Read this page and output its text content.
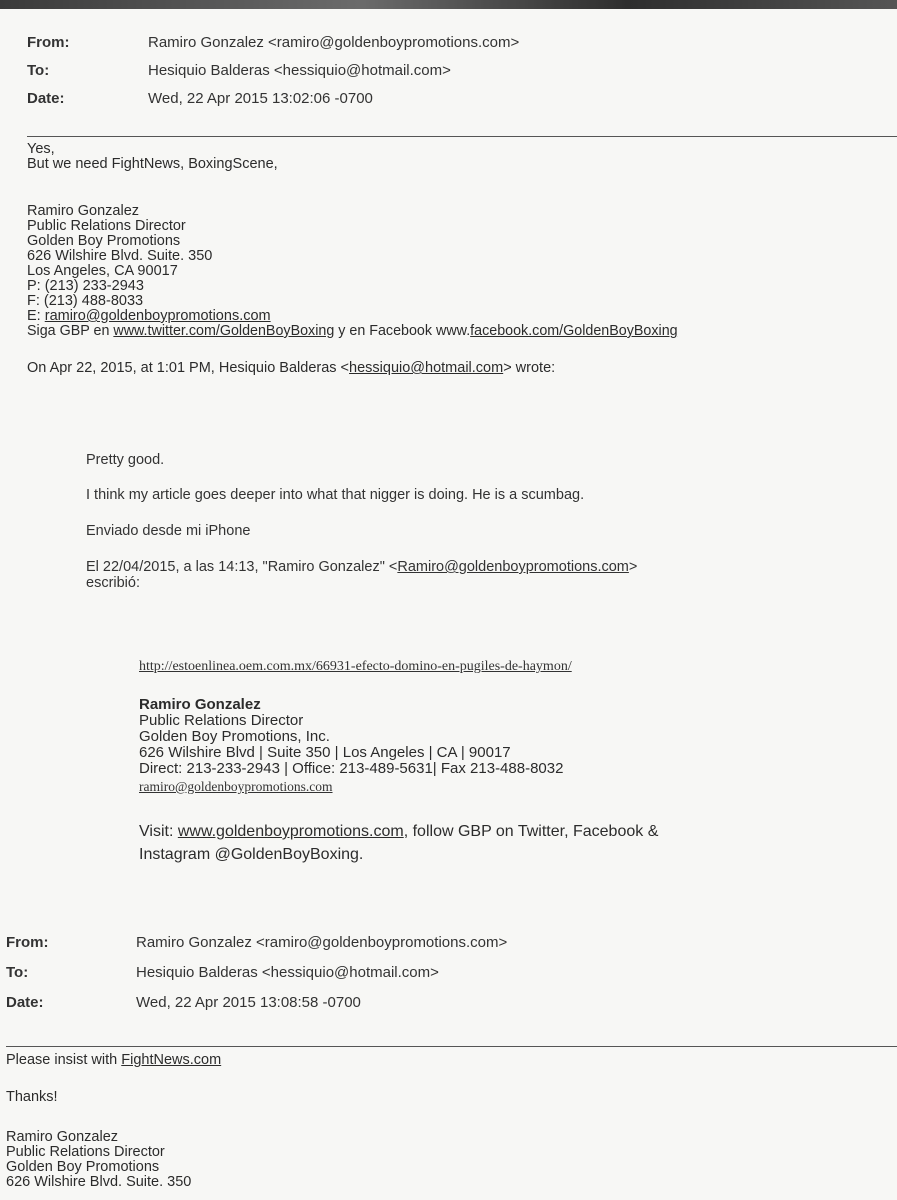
From:	Ramiro Gonzalez <ramiro@goldenboypromotions.com>
To:	Hesiquio Balderas <hessiquio@hotmail.com>
Date:	Wed, 22 Apr 2015 13:02:06 -0700
Yes,
But we need FightNews, BoxingScene,
Ramiro Gonzalez
Public Relations Director
Golden Boy Promotions
626 Wilshire Blvd. Suite. 350
Los Angeles, CA 90017
P: (213) 233-2943
F: (213) 488-8033
E: ramiro@goldenboypromotions.com
Siga GBP en www.twitter.com/GoldenBoyBoxing y en Facebook www.facebook.com/GoldenBoyBoxing
On Apr 22, 2015, at 1:01 PM, Hesiquio Balderas <hessiquio@hotmail.com> wrote:
Pretty good.
I think my article goes deeper into what that nigger is doing. He is a scumbag.
Enviado desde mi iPhone
El 22/04/2015, a las 14:13, "Ramiro Gonzalez" <Ramiro@goldenboypromotions.com>
escribió:
http://estoenlinea.oem.com.mx/66931-efecto-domino-en-pugiles-de-haymon/
Ramiro Gonzalez
Public Relations Director
Golden Boy Promotions, Inc.
626 Wilshire Blvd | Suite 350 | Los Angeles | CA | 90017
Direct: 213-233-2943 | Office: 213-489-5631| Fax 213-488-8032
ramiro@goldenboypromotions.com
Visit: www.goldenboypromotions.com, follow GBP on Twitter, Facebook &
Instagram @GoldenBoyBoxing.
From:	Ramiro Gonzalez <ramiro@goldenboypromotions.com>
To:	Hesiquio Balderas <hessiquio@hotmail.com>
Date:	Wed, 22 Apr 2015 13:08:58 -0700
Please insist with FightNews.com
Thanks!
Ramiro Gonzalez
Public Relations Director
Golden Boy Promotions
626 Wilshire Blvd. Suite. 350
